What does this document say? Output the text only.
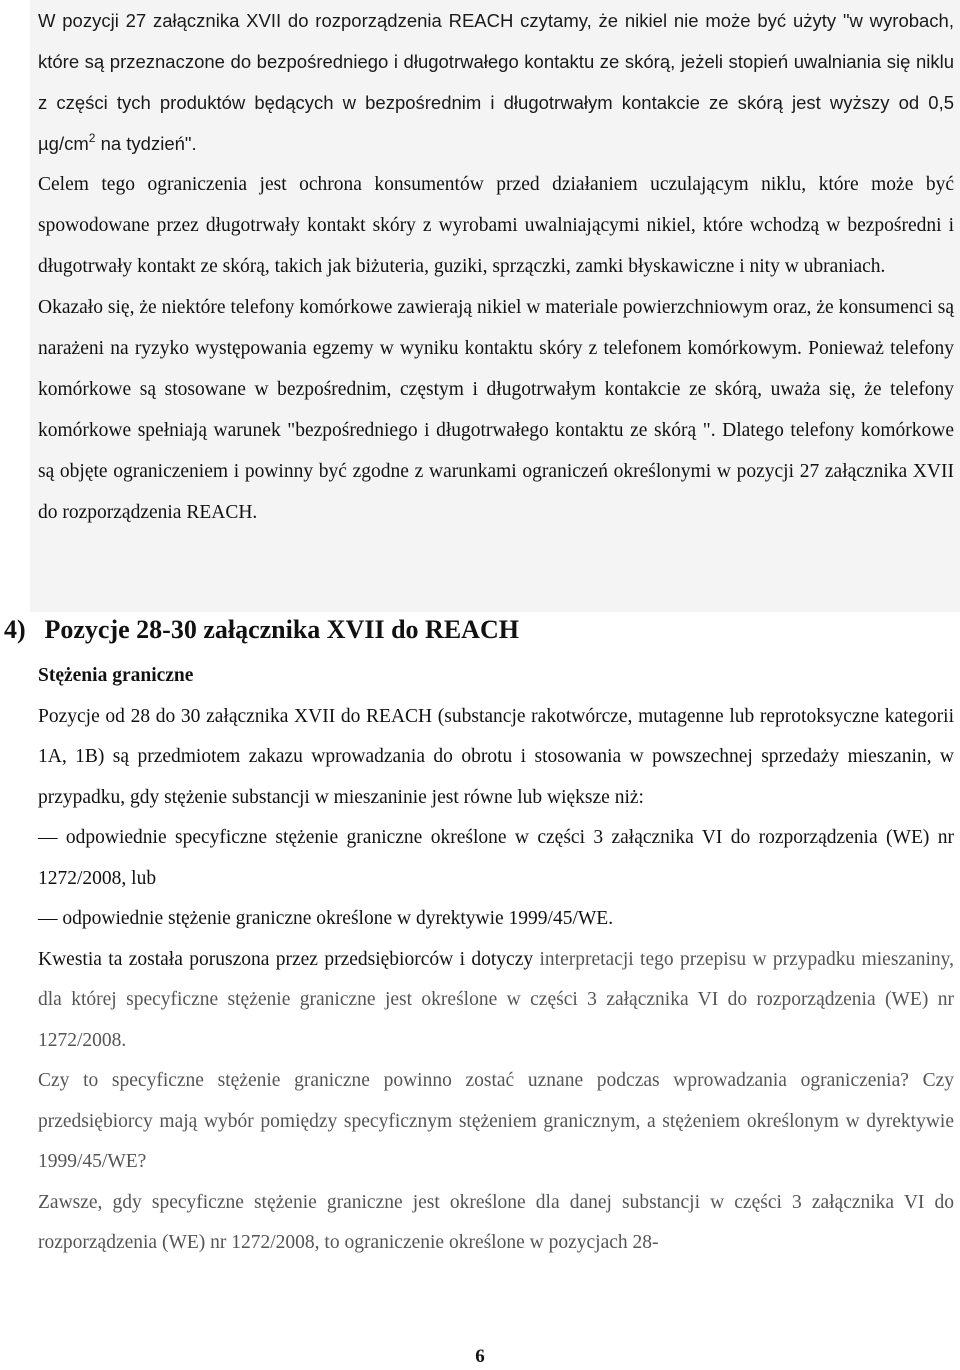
W pozycji 27 załącznika XVII do rozporządzenia REACH czytamy, że nikiel nie może być użyty "w wyrobach, które są przeznaczone do bezpośredniego i długotrwałego kontaktu ze skórą, jeżeli stopień uwalniania się niklu z części tych produktów będących w bezpośrednim i długotrwałym kontakcie ze skórą jest wyższy od 0,5 $\mu g/cm^2$ na tydzień".

Celem tego ograniczenia jest ochrona konsumentów przed działaniem uczulającym niklu, które może być spowodowane przez długotrwały kontakt skóry z wyrobami uwalniającymi nikiel, które wchodzą w bezpośredni i długotrwały kontakt ze skórą, takich jak biżuteria, guziki, sprzączki, zamki błyskawiczne i nity w ubraniach.

Okazało się, że niektóre telefony komórkowe zawierają nikiel w materiale powierzchniowym oraz, że konsumenci są narażeni na ryzyko występowania egzemy w wyniku kontaktu skóry z telefonem komórkowym. Ponieważ telefony komórkowe są stosowane w bezpośrednim, częstym i długotrwałym kontakcie ze skórą, uważa się, że telefony komórkowe spełniają warunek "bezpośredniego i długotrwałego kontaktu ze skórą ". Dlatego telefony komórkowe są objęte ograniczeniem i powinny być zgodne z warunkami ograniczeń określonymi w pozycji 27 załącznika XVII do rozporządzenia REACH.

4) Pozycje 28-30 załącznika XVII do REACH

Stężenia graniczne

Pozycje od 28 do 30 załącznika XVII do REACH (substancje rakotwórcze, mutagenne lub reprotoksyczne kategorii 1A, 1B) są przedmiotem zakazu wprowadzania do obrotu i stosowania w powszechnej sprzedaży mieszanin, w przypadku, gdy stężenie substancji w mieszaninie jest równe lub większe niż:

— odpowiednie specyficzne stężenie graniczne określone w części 3 załącznika VI do rozporządzenia (WE) nr 1272/2008, lub

— odpowiednie stężenie graniczne określone w dyrektywie 1999/45/WE.

Kwestia ta została poruszona przez przedsiębiorców i dotyczy interpretacji tego przepisu w przypadku mieszaniny, dla której specyficzne stężenie graniczne jest określone w części 3 załącznika VI do rozporządzenia (WE) nr 1272/2008.

Czy to specyficzne stężenie graniczne powinno zostać uznane podczas wprowadzania ograniczenia? Czy przedsiębiorcy mają wybór pomiędzy specyficznym stężeniem granicznym, a stężeniem określonym w dyrektywie 1999/45/WE?

Zawsze, gdy specyficzne stężenie graniczne jest określone dla danej substancji w części 3 załącznika VI do rozporządzenia (WE) nr 1272/2008, to ograniczenie określone w pozycjach 28-

6
